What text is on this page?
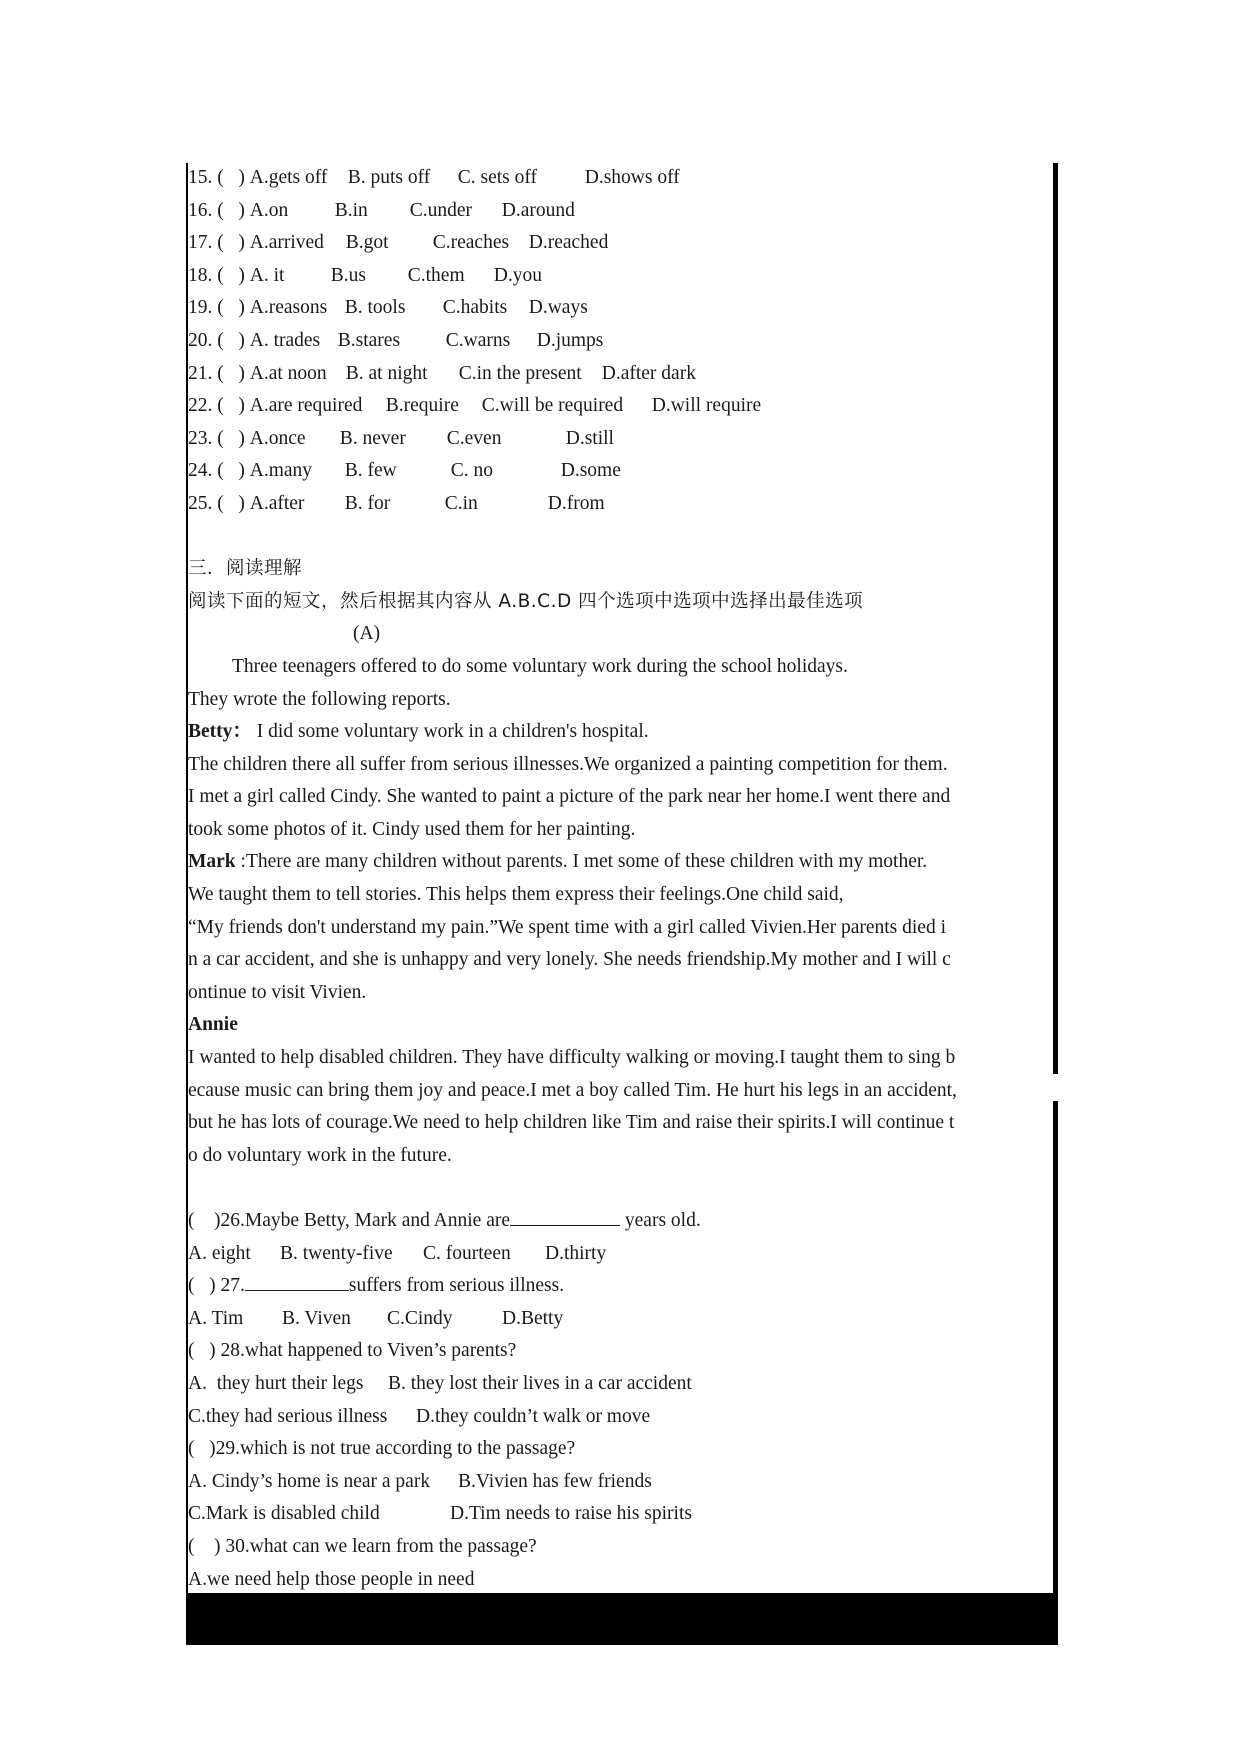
15. (   ) A.gets off B. puts off C. sets off D.shows off
16. (   ) A.on B.in C.under D.around
17. (   ) A.arrived B.got C.reaches D.reached
18. (   ) A. it B.us C.them D.you
19. (   ) A.reasons B. tools C.habits D.ways
20. (   ) A. trades B.stares C.warns D.jumps
21. (   ) A.at noon B. at night C.in the present D.after dark
22. (   ) A.are required B.require C.will be required D.will require
23. (   ) A.once B. never C.even	D.still
24. (   ) A.many B. few	C. no	D.some
25. (   ) A.after B. for	C.in	D.from
三．阅读理解
阅读下面的短文，然后根据其内容从 A.B.C.D 四个选项中选项中选择出最佳选项
(A)
Three teenagers offered to do some voluntary work during the school holidays.
They wrote the following reports.
Betty： I did some voluntary work in a children's hospital.
The children there all suffer from serious illnesses.We organized a painting competition for them.
I met a girl called Cindy. She wanted to paint a picture of the park near her home.I went there and
took some photos of it. Cindy used them for her painting.
Mark :There are many children without parents. I met some of these children with my mother.
We taught them to tell stories. This helps them express their feelings.One child said,
“My friends don't understand my pain.”We spent time with a girl called Vivien.Her parents died i
n a car accident, and she is unhappy and very lonely. She needs friendship.My mother and I will c
ontinue to visit Vivien.
Annie
I wanted to help disabled children. They have difficulty walking or moving.I taught them to sing b
ecause music can bring them joy and peace.I met a boy called Tim. He hurt his legs in an accident,
but he has lots of courage.We need to help children like Tim and raise their spirits.I will continue t
o do voluntary work in the future.
(    )26.Maybe Betty, Mark and Annie are	years old.
A. eight B. twenty-five C. fourteen D.thirty
(   ) 27.	suffers from serious illness.
A. Tim B. Viven C.Cindy	D.Betty
(   ) 28.what happened to Viven’s parents?
A.  they hurt their legs B. they lost their lives in a car accident
C.they had serious illness D.they couldn’t walk or move
(   )29.which is not true according to the passage?
A. Cindy’s home is near a park B.Vivien has few friends
C.Mark is disabled child	D.Tim needs to raise his spirits
(    ) 30.what can we learn from the passage?
A.we need help those people in need
